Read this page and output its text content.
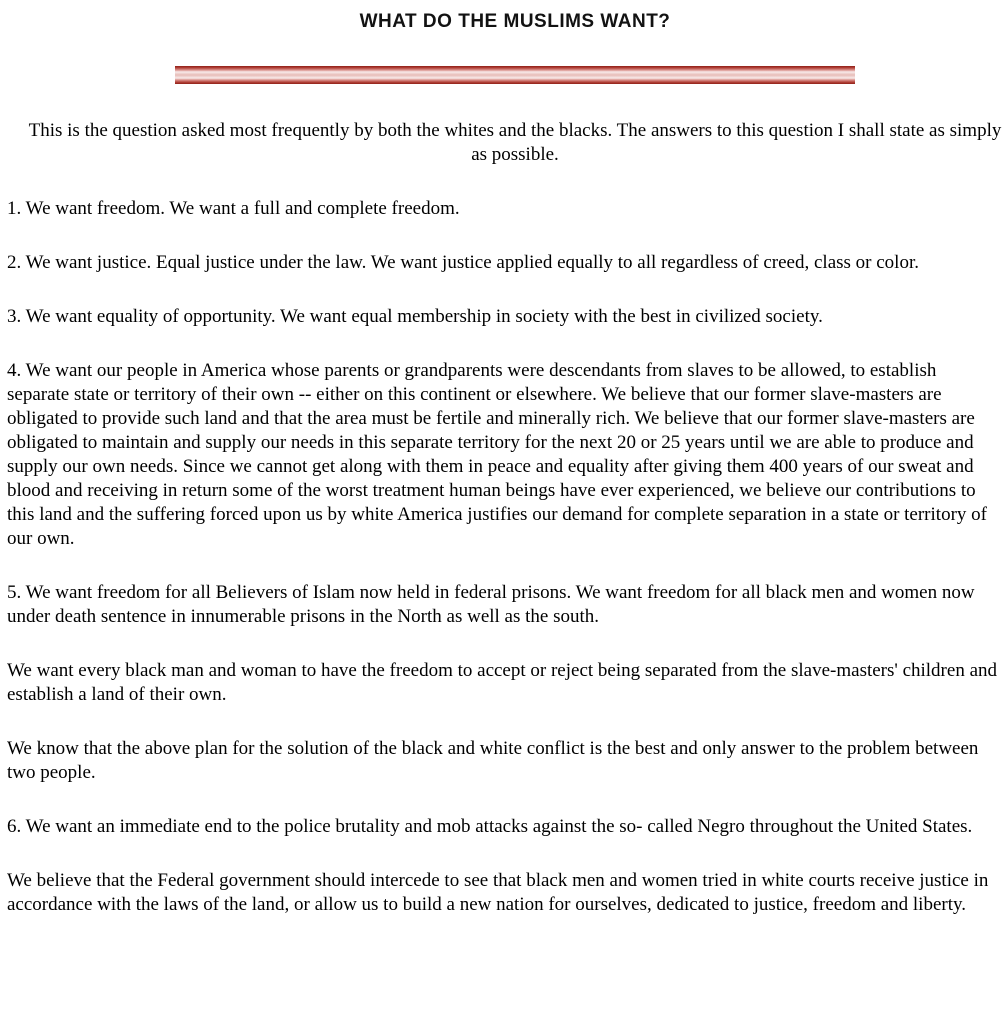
WHAT DO THE MUSLIMS WANT?

This is the question asked most frequently by both the whites and the blacks. The answers to this question I shall state as simply as possible.

1. We want freedom. We want a full and complete freedom.

2. We want justice. Equal justice under the law. We want justice applied equally to all regardless of creed, class or color.

3. We want equality of opportunity. We want equal membership in society with the best in civilized society.

4. We want our people in America whose parents or grandparents were descendants from slaves to be allowed, to establish separate state or territory of their own -- either on this continent or elsewhere. We believe that our former slave-masters are obligated to provide such land and that the area must be fertile and minerally rich. We believe that our former slave-masters are obligated to maintain and supply our needs in this separate territory for the next 20 or 25 years until we are able to produce and supply our own needs. Since we cannot get along with them in peace and equality after giving them 400 years of our sweat and blood and receiving in return some of the worst treatment human beings have ever experienced, we believe our contributions to this land and the suffering forced upon us by white America justifies our demand for complete separation in a state or territory of our own.

5. We want freedom for all Believers of Islam now held in federal prisons. We want freedom for all black men and women now under death sentence in innumerable prisons in the North as well as the south.

We want every black man and woman to have the freedom to accept or reject being separated from the slave-masters' children and establish a land of their own.

We know that the above plan for the solution of the black and white conflict is the best and only answer to the problem between two people.

6. We want an immediate end to the police brutality and mob attacks against the so- called Negro throughout the United States.

We believe that the Federal government should intercede to see that black men and women tried in white courts receive justice in accordance with the laws of the land, or allow us to build a new nation for ourselves, dedicated to justice, freedom and liberty.
